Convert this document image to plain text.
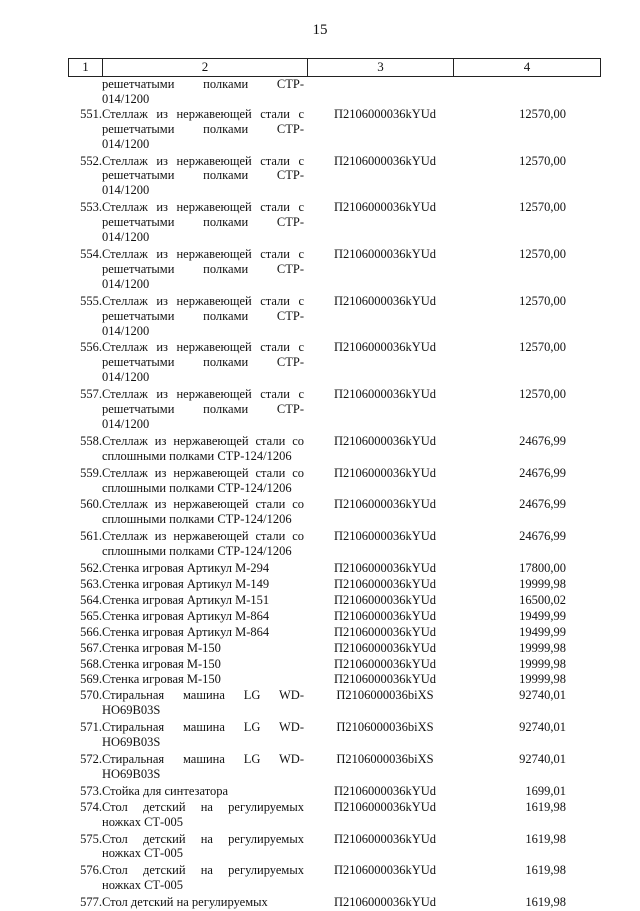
15
1	2	3	4
решетчатыми полками СТР-
014/1200
551. Стеллаж из нержавеющей стали с
решетчатыми полками СТР-
014/1200
П2106000036kYUd	12570,00
552. Стеллаж из нержавеющей стали с
решетчатыми полками СТР-
014/1200
П2106000036kYUd	12570,00
553. Стеллаж из нержавеющей стали с
решетчатыми полками СТР-
014/1200
П2106000036kYUd	12570,00
554. Стеллаж из нержавеющей стали с
решетчатыми полками СТР-
014/1200
П2106000036kYUd	12570,00
555. Стеллаж из нержавеющей стали с
решетчатыми полками СТР-
014/1200
П2106000036kYUd	12570,00
556. Стеллаж из нержавеющей стали с
решетчатыми полками СТР-
014/1200
П2106000036kYUd	12570,00
557. Стеллаж из нержавеющей стали с
решетчатыми полками СТР-
014/1200
П2106000036kYUd	12570,00
558. Стеллаж из нержавеющей стали со
сплошными полками СТР-124/1206
П2106000036kYUd	24676,99
559. Стеллаж из нержавеющей стали со
сплошными полками СТР-124/1206
П2106000036kYUd	24676,99
560. Стеллаж из нержавеющей стали со
сплошными полками СТР-124/1206
П2106000036kYUd	24676,99
561. Стеллаж из нержавеющей стали со
сплошными полками СТР-124/1206
П2106000036kYUd	24676,99
562. Стенка игровая Артикул М-294	П2106000036kYUd	17800,00
563. Стенка игровая Артикул М-149	П2106000036kYUd	19999,98
564. Стенка игровая Артикул М-151	П2106000036kYUd	16500,02
565. Стенка игровая Артикул М-864	П2106000036kYUd	19499,99
566. Стенка игровая Артикул М-864	П2106000036kYUd	19499,99
567. Стенка игровая М-150	П2106000036kYUd	19999,98
568. Стенка игровая М-150	П2106000036kYUd	19999,98
569. Стенка игровая М-150	П2106000036kYUd	19999,98
570. Стиральная машина LG WD-
НО69В03S
П2106000036biXS	92740,01
571. Стиральная машина LG WD-
НО69В03S
П2106000036biXS	92740,01
572. Стиральная машина LG WD-
НО69В03S
П2106000036biXS	92740,01
573. Стойка для синтезатора	П2106000036kYUd	1699,01
574. Стол детский на регулируемых
ножках СТ-005
П2106000036kYUd	1619,98
575. Стол детский на регулируемых
ножках СТ-005
П2106000036kYUd	1619,98
576. Стол детский на регулируемых
ножках СТ-005
П2106000036kYUd	1619,98
577. Стол детский на регулируемых	П2106000036kYUd	1619,98
